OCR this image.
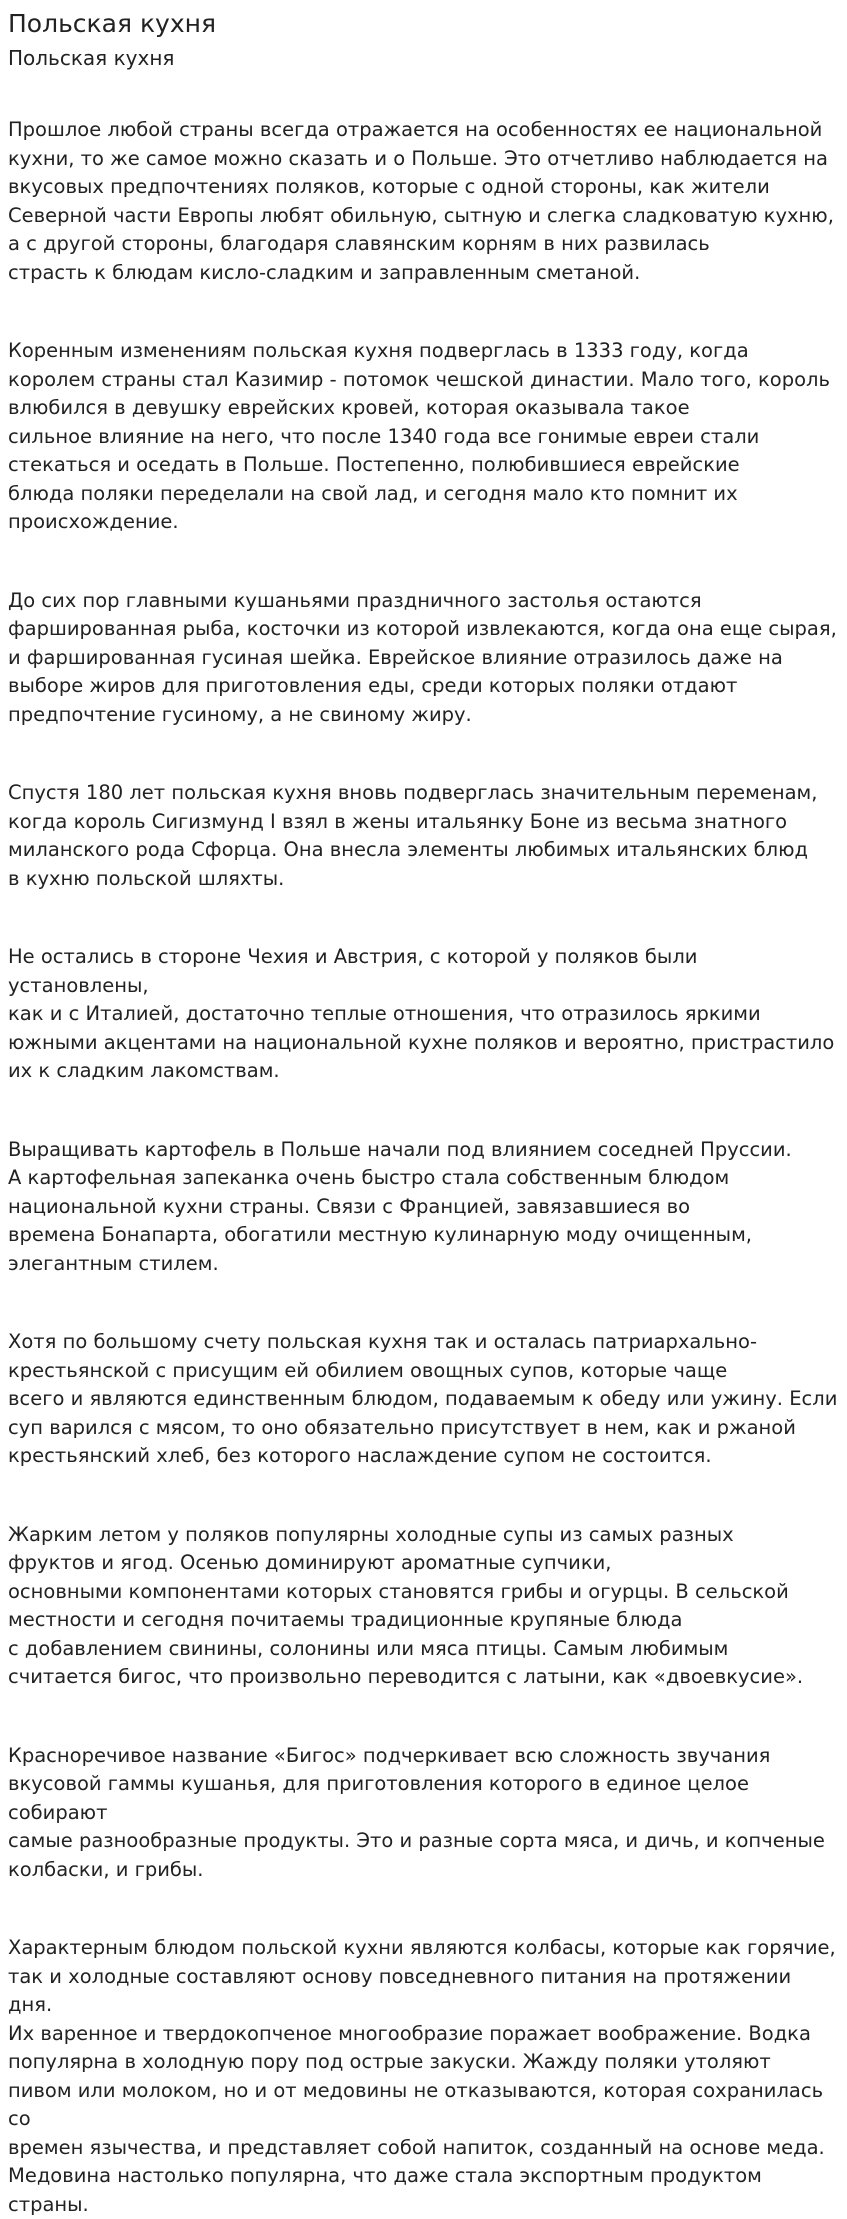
Польская кухня
Польская кухня

Прошлое любой страны всегда отражается на особенностях ее национальной
кухни, то же самое можно сказать и о Польше. Это отчетливо наблюдается на
вкусовых предпочтениях поляков, которые с одной стороны, как жители
Северной части Европы любят обильную, сытную и слегка сладковатую кухню,
а с другой стороны, благодаря славянским корням в них развилась
страсть к блюдам кисло-сладким и заправленным сметаной.

Коренным изменениям польская кухня подверглась в 1333 году, когда
королем страны стал Казимир - потомок чешской династии. Мало того, король
влюбился в девушку еврейских кровей, которая оказывала такое
сильное влияние на него, что после 1340 года все гонимые евреи стали
стекаться и оседать в Польше. Постепенно, полюбившиеся еврейские
блюда поляки переделали на свой лад, и сегодня мало кто помнит их
происхождение.

До сих пор главными кушаньями праздничного застолья остаются
фаршированная рыба, косточки из которой извлекаются, когда она еще сырая,
и фаршированная гусиная шейка. Еврейское влияние отразилось даже на
выборе жиров для приготовления еды, среди которых поляки отдают
предпочтение гусиному, а не свиному жиру.

Спустя 180 лет польская кухня вновь подверглась значительным переменам,
когда король Сигизмунд I взял в жены итальянку Боне из весьма знатного
миланского рода Сфорца. Она внесла элементы любимых итальянских блюд
в кухню польской шляхты.

Не остались в стороне Чехия и Австрия, с которой у поляков были установлены,
как и с Италией, достаточно теплые отношения, что отразилось яркими
южными акцентами на национальной кухне поляков и вероятно, пристрастило
их к сладким лакомствам.

Выращивать картофель в Польше начали под влиянием соседней Пруссии.
А картофельная запеканка очень быстро стала собственным блюдом
национальной кухни страны. Связи с Францией, завязавшиеся во
времена Бонапарта, обогатили местную кулинарную моду очищенным,
элегантным стилем.

Хотя по большому счету польская кухня так и осталась патриархально-
крестьянской с присущим ей обилием овощных супов, которые чаще
всего и являются единственным блюдом, подаваемым к обеду или ужину. Если
суп варился с мясом, то оно обязательно присутствует в нем, как и ржаной
крестьянский хлеб, без которого наслаждение супом не состоится.

Жарким летом у поляков популярны холодные супы из самых разных
фруктов и ягод. Осенью доминируют ароматные супчики,
основными компонентами которых становятся грибы и огурцы. В сельской
местности и сегодня почитаемы традиционные крупяные блюда
с добавлением свинины, солонины или мяса птицы. Самым любимым
считается бигос, что произвольно переводится с латыни, как «двоевкусие».

Красноречивое название «Бигос» подчеркивает всю сложность звучания
вкусовой гаммы кушанья, для приготовления которого в единое целое собирают
самые разнообразные продукты. Это и разные сорта мяса, и дичь, и копченые
колбаски, и грибы.

Характерным блюдом польской кухни являются колбасы, которые как горячие,
так и холодные составляют основу повседневного питания на протяжении дня.
Их варенное и твердокопченое многообразие поражает воображение. Водка
популярна в холодную пору под острые закуски. Жажду поляки утоляют
пивом или молоком, но и от медовины не отказываются, которая сохранилась со
времен язычества, и представляет собой напиток, созданный на основе меда.
Медовина настолько популярна, что даже стала экспортным продуктом страны.
